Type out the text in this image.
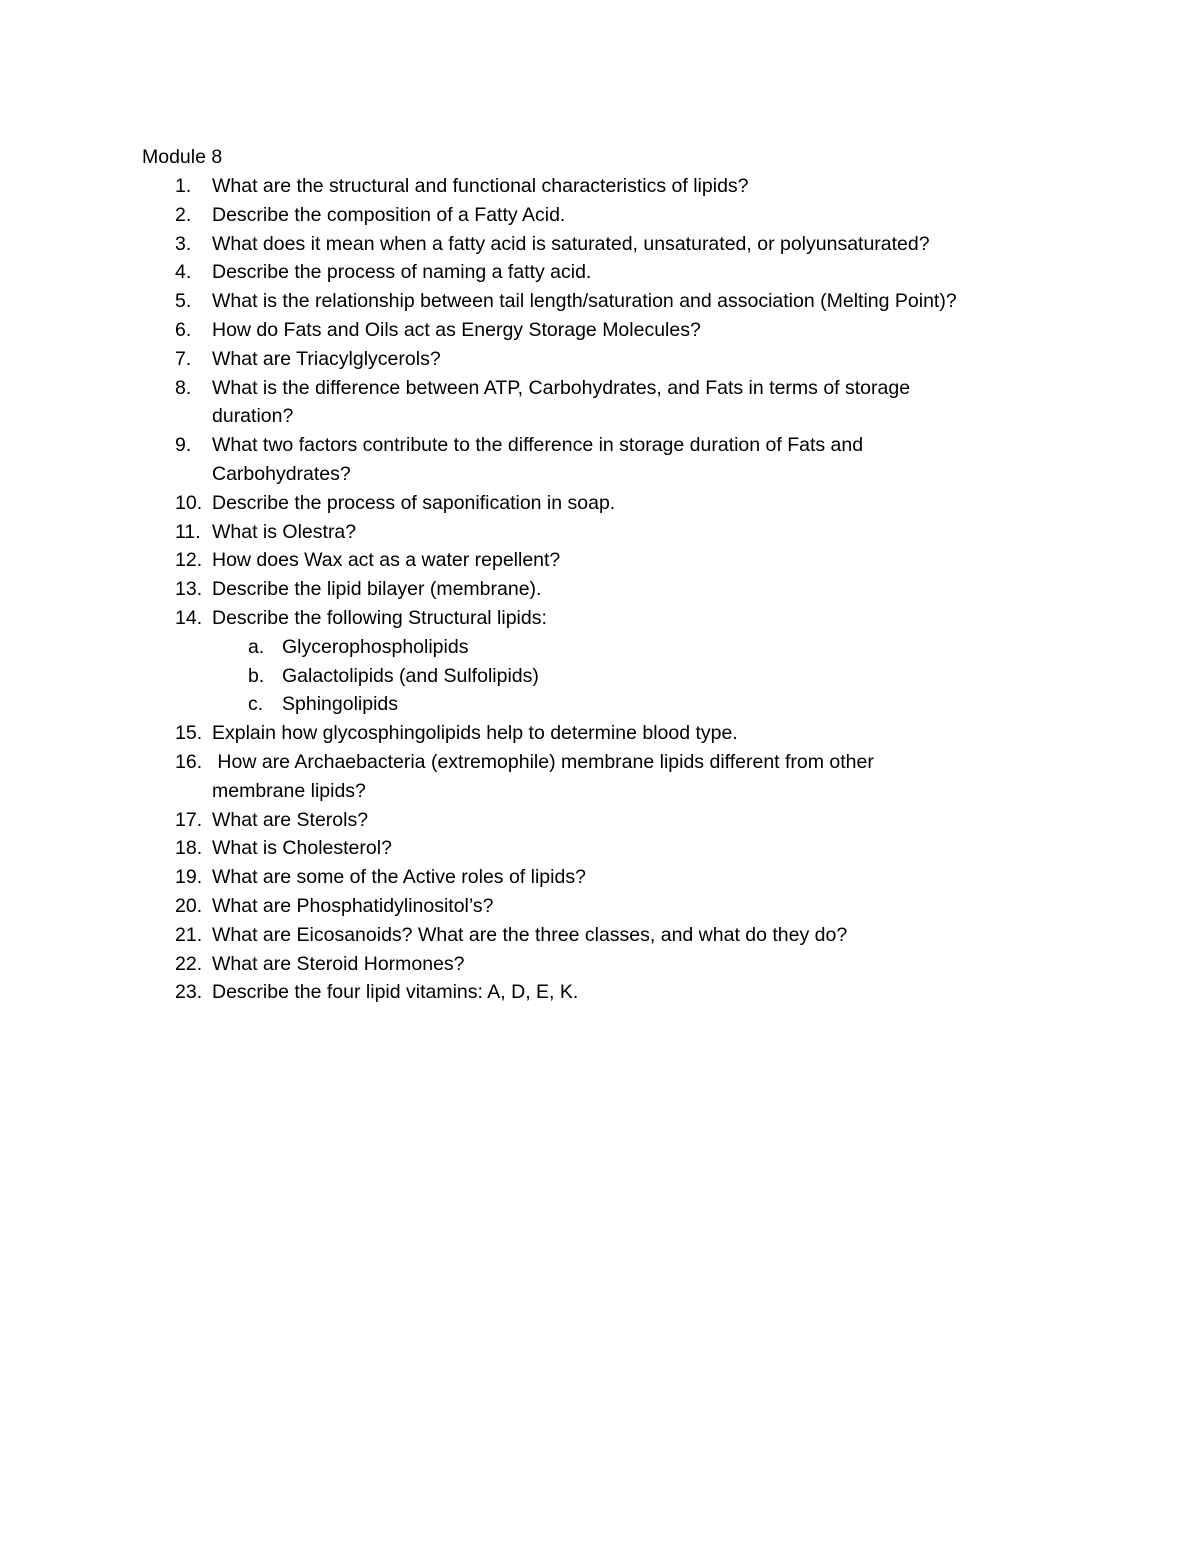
Module 8
1. What are the structural and functional characteristics of lipids?
2. Describe the composition of a Fatty Acid.
3. What does it mean when a fatty acid is saturated, unsaturated, or polyunsaturated?
4. Describe the process of naming a fatty acid.
5. What is the relationship between tail length/saturation and association (Melting Point)?
6. How do Fats and Oils act as Energy Storage Molecules?
7. What are Triacylglycerols?
8. What is the difference between ATP, Carbohydrates, and Fats in terms of storage
duration?
9. What two factors contribute to the difference in storage duration of Fats and
Carbohydrates?
10. Describe the process of saponification in soap.
11. What is Olestra?
12. How does Wax act as a water repellent?
13. Describe the lipid bilayer (membrane).
14. Describe the following Structural lipids:
a. Glycerophospholipids
b. Galactolipids (and Sulfolipids)
c. Sphingolipids
15. Explain how glycosphingolipids help to determine blood type.
16. How are Archaebacteria (extremophile) membrane lipids different from other
membrane lipids?
17. What are Sterols?
18. What is Cholesterol?
19. What are some of the Active roles of lipids?
20. What are Phosphatidylinositol’s?
21. What are Eicosanoids? What are the three classes, and what do they do?
22. What are Steroid Hormones?
23. Describe the four lipid vitamins: A, D, E, K.
